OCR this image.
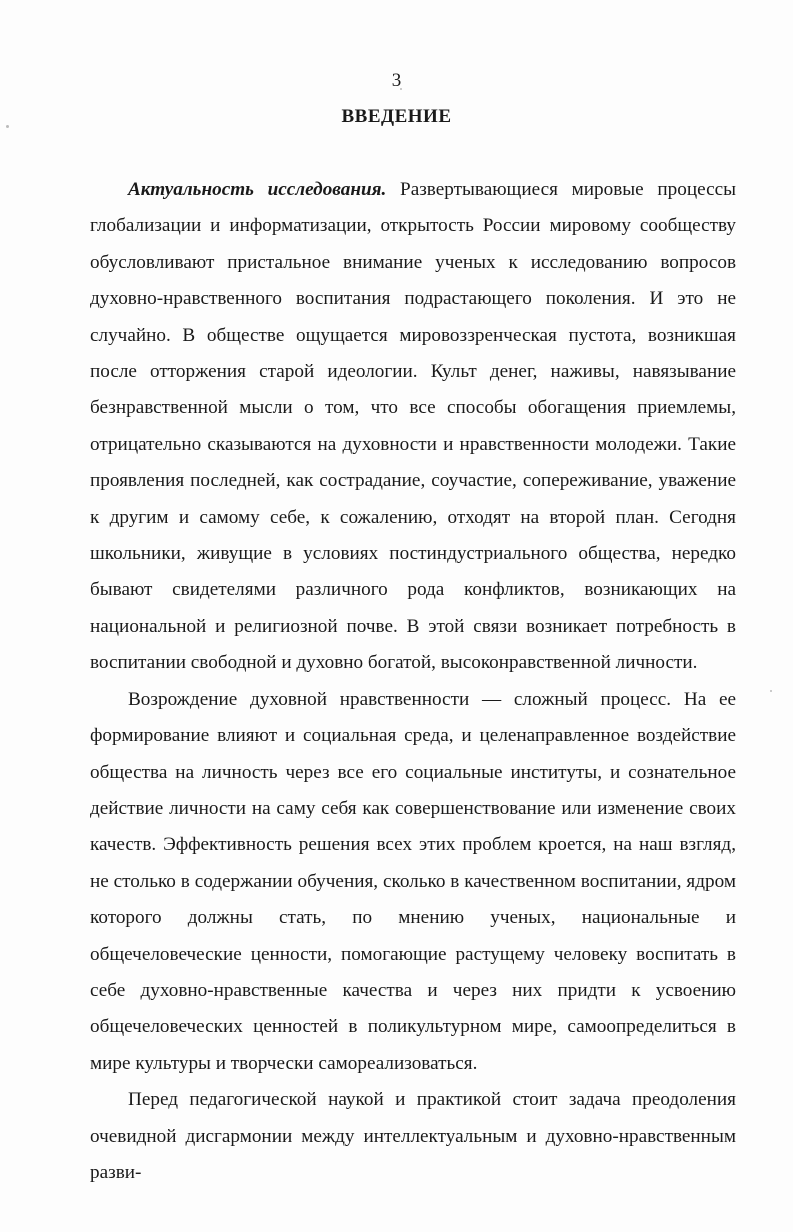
3
ВВЕДЕНИЕ

Актуальность исследования. Развертывающиеся мировые процессы глобализации и информатизации, открытость России мировому сообществу обусловливают пристальное внимание ученых к исследованию вопросов духовно-нравственного воспитания подрастающего поколения. И это не случайно. В обществе ощущается мировоззренческая пустота, возникшая после отторжения старой идеологии. Культ денег, наживы, навязывание безнравственной мысли о том, что все способы обогащения приемлемы, отрицательно сказываются на духовности и нравственности молодежи. Такие проявления последней, как сострадание, соучастие, сопереживание, уважение к другим и самому себе, к сожалению, отходят на второй план. Сегодня школьники, живущие в условиях постиндустриального общества, нередко бывают свидетелями различного рода конфликтов, возникающих на национальной и религиозной почве. В этой связи возникает потребность в воспитании свободной и духовно богатой, высоконравственной личности.

Возрождение духовной нравственности — сложный процесс. На ее формирование влияют и социальная среда, и целенаправленное воздействие общества на личность через все его социальные институты, и сознательное действие личности на саму себя как совершенствование или изменение своих качеств. Эффективность решения всех этих проблем кроется, на наш взгляд, не столько в содержании обучения, сколько в качественном воспитании, ядром которого должны стать, по мнению ученых, национальные и общечеловеческие ценности, помогающие растущему человеку воспитать в себе духовно-нравственные качества и через них придти к усвоению общечеловеческих ценностей в поликультурном мире, самоопределиться в мире культуры и творчески самореализоваться.

Перед педагогической наукой и практикой стоит задача преодоления очевидной дисгармонии между интеллектуальным и духовно-нравственным разви-
